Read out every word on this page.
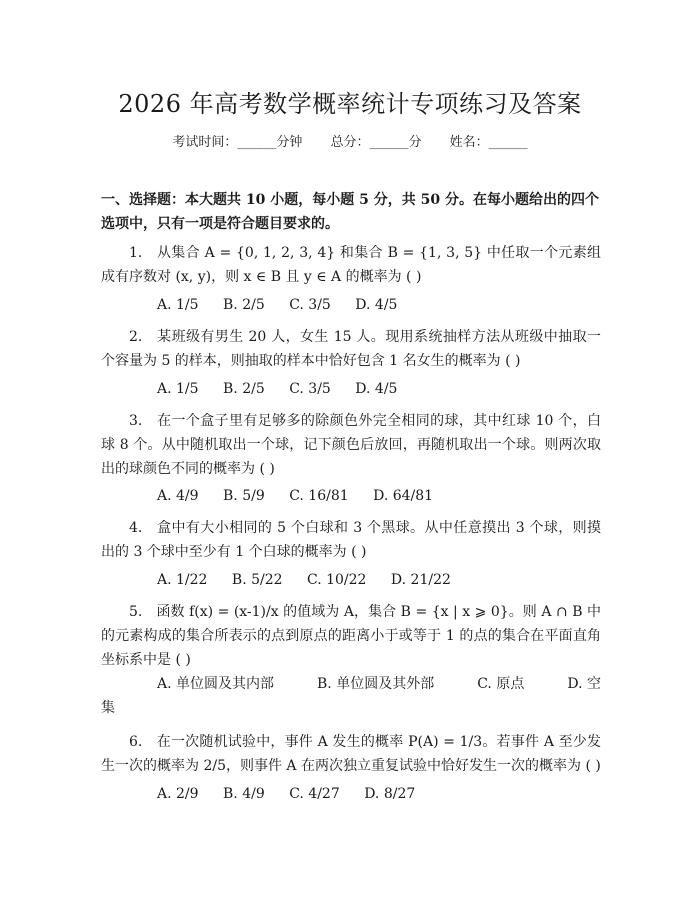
2026 年高考数学概率统计专项练习及答案
考试时间：______分钟 总分：______分 姓名：______
一、选择题：本大题共 10 小题，每小题 5 分，共 50 分。在每小题给出的四个选项中，只有一项是符合题目要求的。
1.　从集合 A = {0, 1, 2, 3, 4} 和集合 B = {1, 3, 5} 中任取一个元素组成有序数对 (x, y)，则 x ∈ B 且 y ∈ A 的概率为 ( )
A. 1/5 B. 2/5 C. 3/5 D. 4/5
2.　某班级有男生 20 人，女生 15 人。现用系统抽样方法从班级中抽取一个容量为 5 的样本，则抽取的样本中恰好包含 1 名女生的概率为 ( )
A. 1/5 B. 2/5 C. 3/5 D. 4/5
3.　在一个盒子里有足够多的除颜色外完全相同的球，其中红球 10 个，白球 8 个。从中随机取出一个球，记下颜色后放回，再随机取出一个球。则两次取出的球颜色不同的概率为 ( )
A. 4/9 B. 5/9 C. 16/81 D. 64/81
4.　盒中有大小相同的 5 个白球和 3 个黑球。从中任意摸出 3 个球，则摸出的 3 个球中至少有 1 个白球的概率为 ( )
A. 1/22 B. 5/22 C. 10/22 D. 21/22
5.　函数 f(x) = (x-1)/x 的值域为 A，集合 B = {x | x ⩾ 0}。则 A ∩ B 中的元素构成的集合所表示的点到原点的距离小于或等于 1 的点的集合在平面直角坐标系中是 ( )
A. 单位圆及其内部	B. 单位圆及其外部	C. 原点	D. 空
集
6.　在一次随机试验中，事件 A 发生的概率 P(A) = 1/3。若事件 A 至少发生一次的概率为 2/5，则事件 A 在两次独立重复试验中恰好发生一次的概率为 ( )
A. 2/9 B. 4/9 C. 4/27 D. 8/27
